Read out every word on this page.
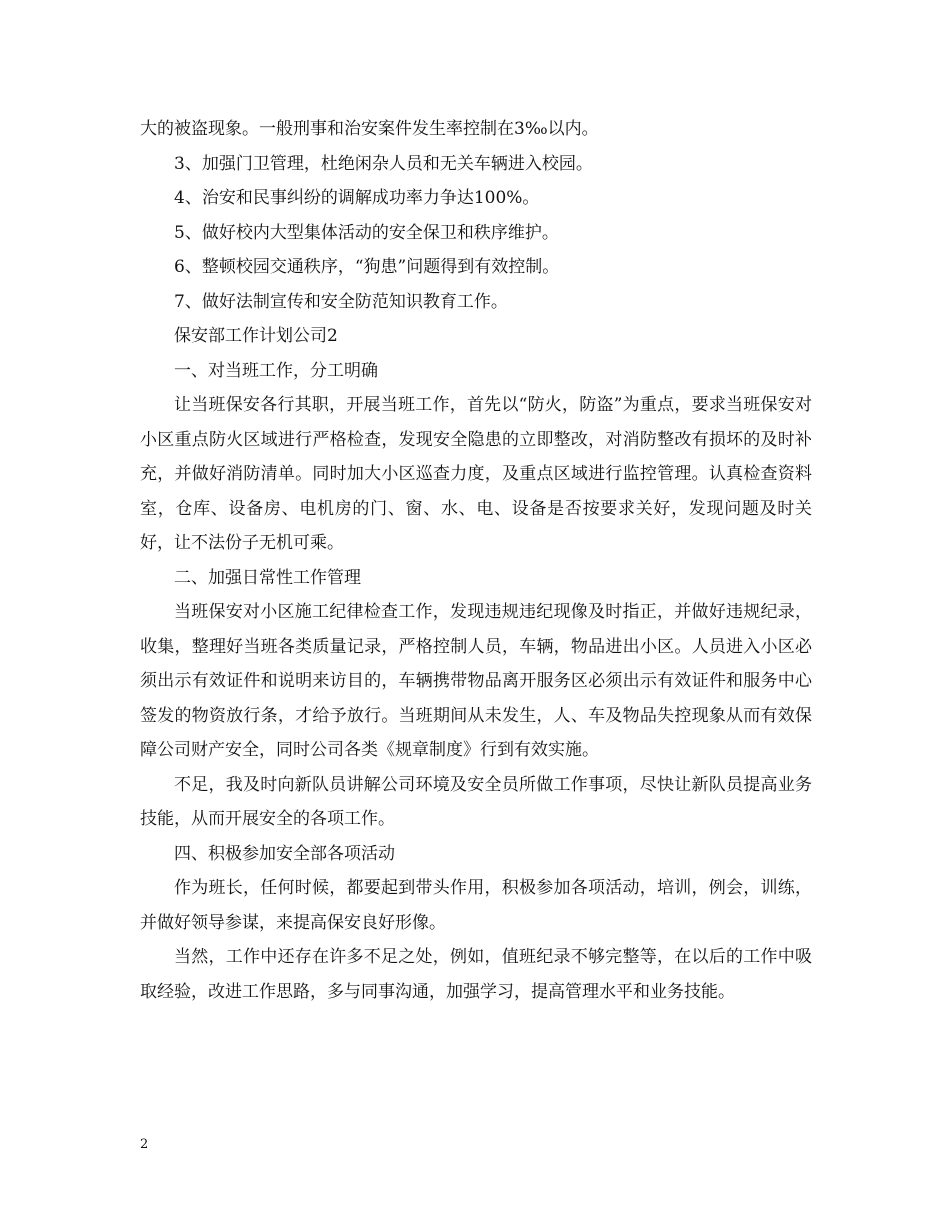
大的被盗现象。一般刑事和治安案件发生率控制在3‰以内。

3、加强门卫管理，杜绝闲杂人员和无关车辆进入校园。

4、治安和民事纠纷的调解成功率力争达100%。

5、做好校内大型集体活动的安全保卫和秩序维护。

6、整顿校园交通秩序，“狗患”问题得到有效控制。

7、做好法制宣传和安全防范知识教育工作。

保安部工作计划公司2

一、对当班工作，分工明确

让当班保安各行其职，开展当班工作，首先以“防火，防盗”为重点，要求当班保安对小区重点防火区域进行严格检查，发现安全隐患的立即整改，对消防整改有损坏的及时补充，并做好消防清单。同时加大小区巡查力度，及重点区域进行监控管理。认真检查资料室，仓库、设备房、电机房的门、窗、水、电、设备是否按要求关好，发现问题及时关好，让不法份子无机可乘。

二、加强日常性工作管理

当班保安对小区施工纪律检查工作，发现违规违纪现像及时指正，并做好违规纪录，收集，整理好当班各类质量记录，严格控制人员，车辆，物品进出小区。人员进入小区必须出示有效证件和说明来访目的，车辆携带物品离开服务区必须出示有效证件和服务中心签发的物资放行条，才给予放行。当班期间从未发生，人、车及物品失控现象从而有效保障公司财产安全，同时公司各类《规章制度》行到有效实施。

不足，我及时向新队员讲解公司环境及安全员所做工作事项，尽快让新队员提高业务技能，从而开展安全的各项工作。

四、积极参加安全部各项活动

作为班长，任何时候，都要起到带头作用，积极参加各项活动，培训，例会，训练，并做好领导参谋，来提高保安良好形像。

当然，工作中还存在许多不足之处，例如，值班纪录不够完整等，在以后的工作中吸取经验，改进工作思路，多与同事沟通，加强学习，提高管理水平和业务技能。

2
